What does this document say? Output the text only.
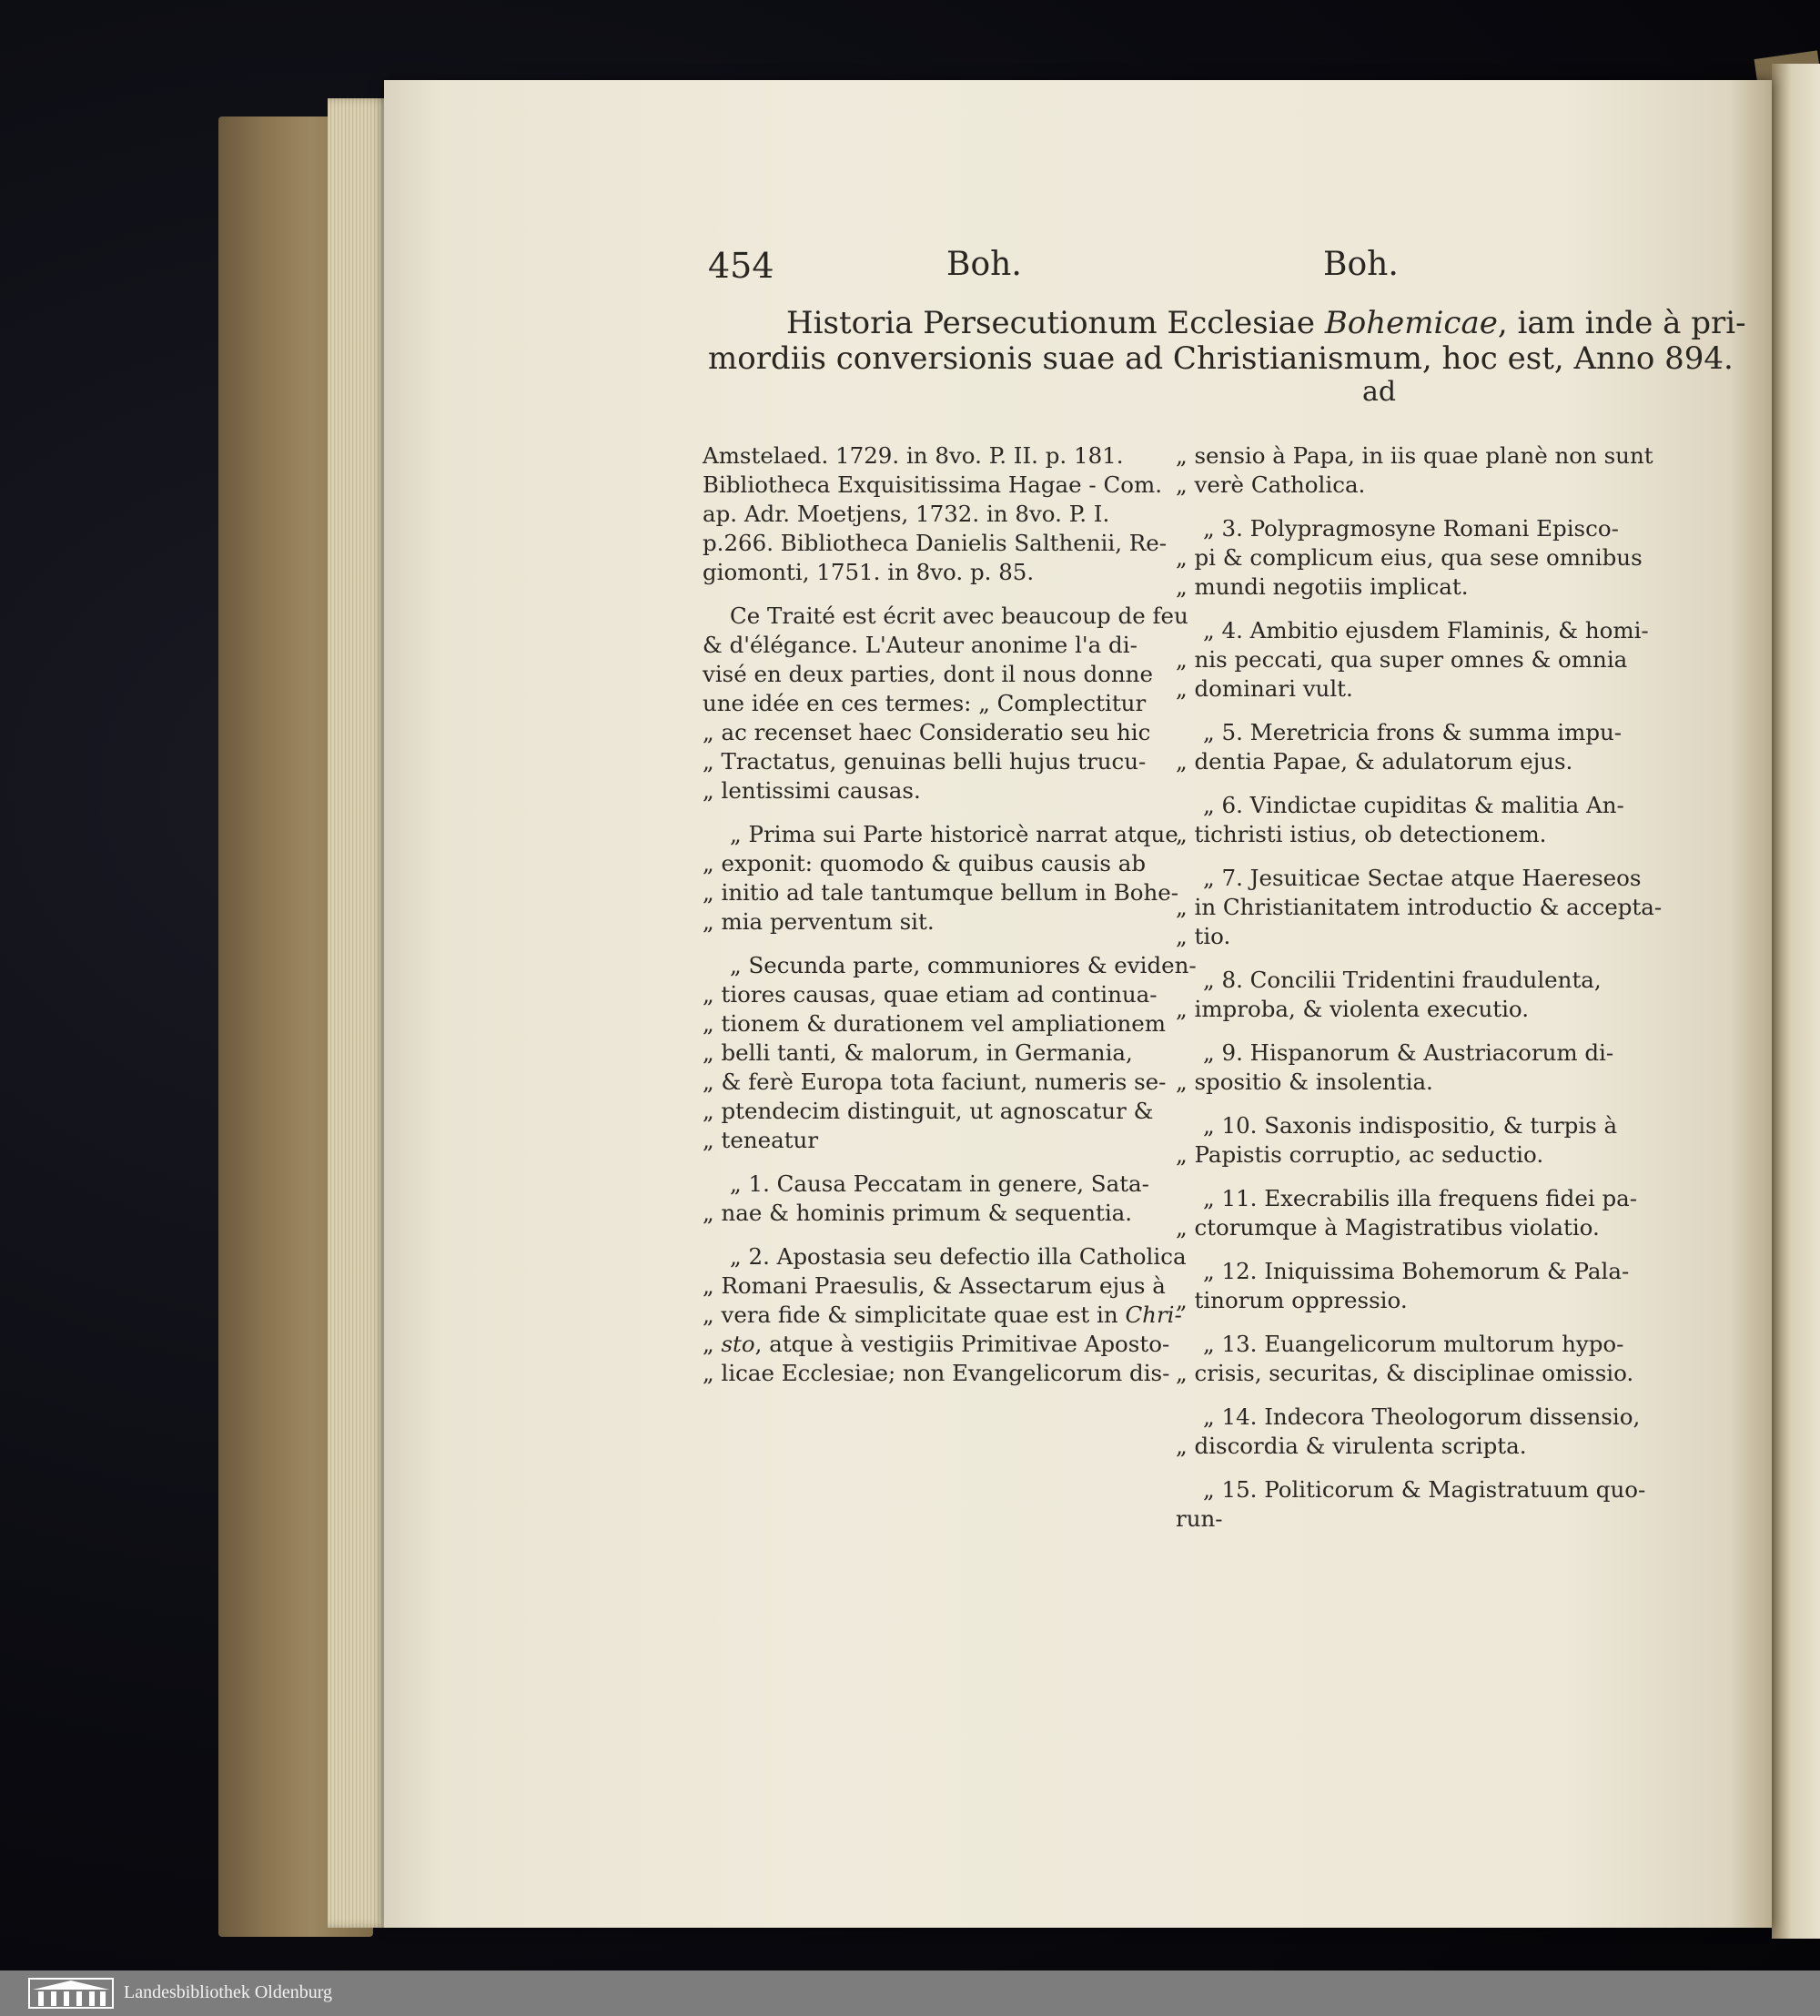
454	Boh.	Boh.
Historia Persecutionum Ecclesiae Bohemicae, iam inde à pri-
mordiis conversionis suae ad Christianismum, hoc est, Anno 894.
ad

Amstelaed. 1729. in 8vo. P. II. p. 181.
Bibliotheca Exquisitissima Hagae - Com.
ap. Adr. Moetjens, 1732. in 8vo. P. I.
p.266. Bibliotheca Danielis Salthenii, Re-
giomonti, 1751. in 8vo. p. 85.

Ce Traité est écrit avec beaucoup de feu
& d'élégance. L'Auteur anonime l'a di-
visé en deux parties, dont il nous donne
une idée en ces termes: „ Complectitur
„ ac recenset haec Consideratio seu hic
„ Tractatus, genuinas belli hujus trucu-
„ lentissimi causas.

„ Prima sui Parte historicè narrat atque
„ exponit: quomodo & quibus causis ab
„ initio ad tale tantumque bellum in Bohe-
„ mia perventum sit.

„ Secunda parte, communiores & eviden-
„ tiores causas, quae etiam ad continua-
„ tionem & durationem vel ampliationem
„ belli tanti, & malorum, in Germania,
„ & ferè Europa tota faciunt, numeris se-
„ ptendecim distinguit, ut agnoscatur &
„ teneatur

„ 1. Causa Peccatam in genere, Sata-
„ nae & hominis primum & sequentia.

„ 2. Apostasia seu defectio illa Catholica
„ Romani Praesulis, & Assectarum ejus à
„ vera fide & simplicitate quae est in Chri-
„ sto, atque à vestigiis Primitivae Aposto-
„ licae Ecclesiae; non Evangelicorum dis-

„ sensio à Papa, in iis quae planè non sunt
„ verè Catholica.

„ 3. Polypragmosyne Romani Episco-
„ pi & complicum eius, qua sese omnibus
„ mundi negotiis implicat.

„ 4. Ambitio ejusdem Flaminis, & homi-
„ nis peccati, qua super omnes & omnia
„ dominari vult.

„ 5. Meretricia frons & summa impu-
„ dentia Papae, & adulatorum ejus.

„ 6. Vindictae cupiditas & malitia An-
„ tichristi istius, ob detectionem.

„ 7. Jesuiticae Sectae atque Haereseos
„ in Christianitatem introductio & accepta-
„ tio.

„ 8. Concilii Tridentini fraudulenta,
„ improba, & violenta executio.

„ 9. Hispanorum & Austriacorum di-
„ spositio & insolentia.

„ 10. Saxonis indispositio, & turpis à
„ Papistis corruptio, ac seductio.

„ 11. Execrabilis illa frequens fidei pa-
„ ctorumque à Magistratibus violatio.

„ 12. Iniquissima Bohemorum & Pala-
„ tinorum oppressio.

„ 13. Euangelicorum multorum hypo-
„ crisis, securitas, & disciplinae omissio.

„ 14. Indecora Theologorum dissensio,
„ discordia & virulenta scripta.

„ 15. Politicorum & Magistratuum quo-
run-

Landesbibliothek Oldenburg
